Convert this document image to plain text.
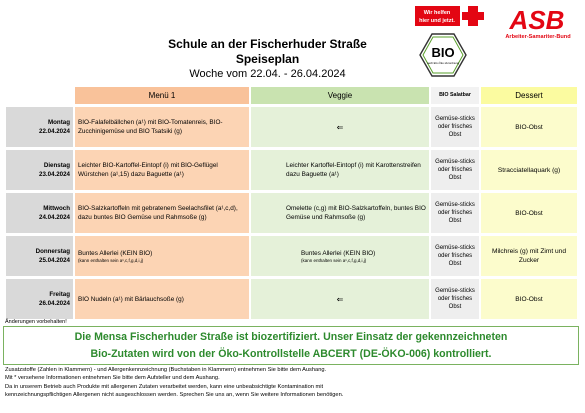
Wir helfen
hier und jetzt. ASB
Arbeiter-Samariter-Bund
BIO
nach EG-Öko-Verordnung
Schule an der Fischerhuder Straße
Speiseplan
Woche vom 22.04. - 26.04.2024
	Menü 1	Veggie	BIO Salatbar	Dessert
Montag
22.04.2024	BIO-Falafelbällchen (a¹) mit BIO-Tomatenreis, BIO-Zucchinigemüse und BIO Tsatsiki (g)	⇐	Gemüse-sticks oder frisches Obst	BIO-Obst
Dienstag
23.04.2024	Leichter BIO-Kartoffel-Eintopf (i) mit BIO-Geflügel Würstchen (a¹,15) dazu Baguette (a¹)	Leichter Kartoffel-Eintopf (i) mit Karottenstreifen dazu Baguette (a¹)	Gemüse-sticks oder frisches Obst	Stracciatellaquark (g)
Mittwoch
24.04.2024	BIO-Salzkartoffeln mit gebratenem Seelachsfilet (a¹,c,d), dazu buntes BIO Gemüse und Rahmsoße (g)	Omelette (c,g) mit BIO-Salzkartoffeln, buntes BIO Gemüse und Rahmsoße (g)	Gemüse-sticks oder frisches Obst	BIO-Obst
Donnerstag
25.04.2024	Buntes Allerlei (KEIN BIO)
(kann enthalten sein a¹,c,f,g,d,i,j)	Buntes Allerlei (KEIN BIO)
(kann enthalten sein a¹,c,f,g,d,i,j)	Gemüse-sticks oder frisches Obst	Milchreis (g) mit Zimt und Zucker
Freitag
26.04.2024	BIO Nudeln (a¹) mit Bärlauchsoße (g)	⇐	Gemüse-sticks oder frisches Obst	BIO-Obst
Änderungen vorbehalten!
Die Mensa Fischerhuder Straße ist biozertifiziert. Unser Einsatz der gekennzeichneten
Bio-Zutaten wird von der Öko-Kontrollstelle ABCERT (DE-ÖKO-006) kontrolliert.
Zusatzstoffe (Zahlen in Klammern) - und Allergenkennzeichnung (Buchstaben in Klammern) entnehmen Sie bitte dem Aushang.
Mit * versehene Informationen entnehmen Sie bitte dem Aufsteller und dem Aushang.
Da in unserem Betrieb auch Produkte mit allergenen Zutaten verarbeitet werden, kann eine unbeabsichtigte Kontamination mit
kennzeichnungspflichtigen Allergenen nicht ausgeschlossen werden. Sprechen Sie uns an, wenn Sie weitere Informationen benötigen.
